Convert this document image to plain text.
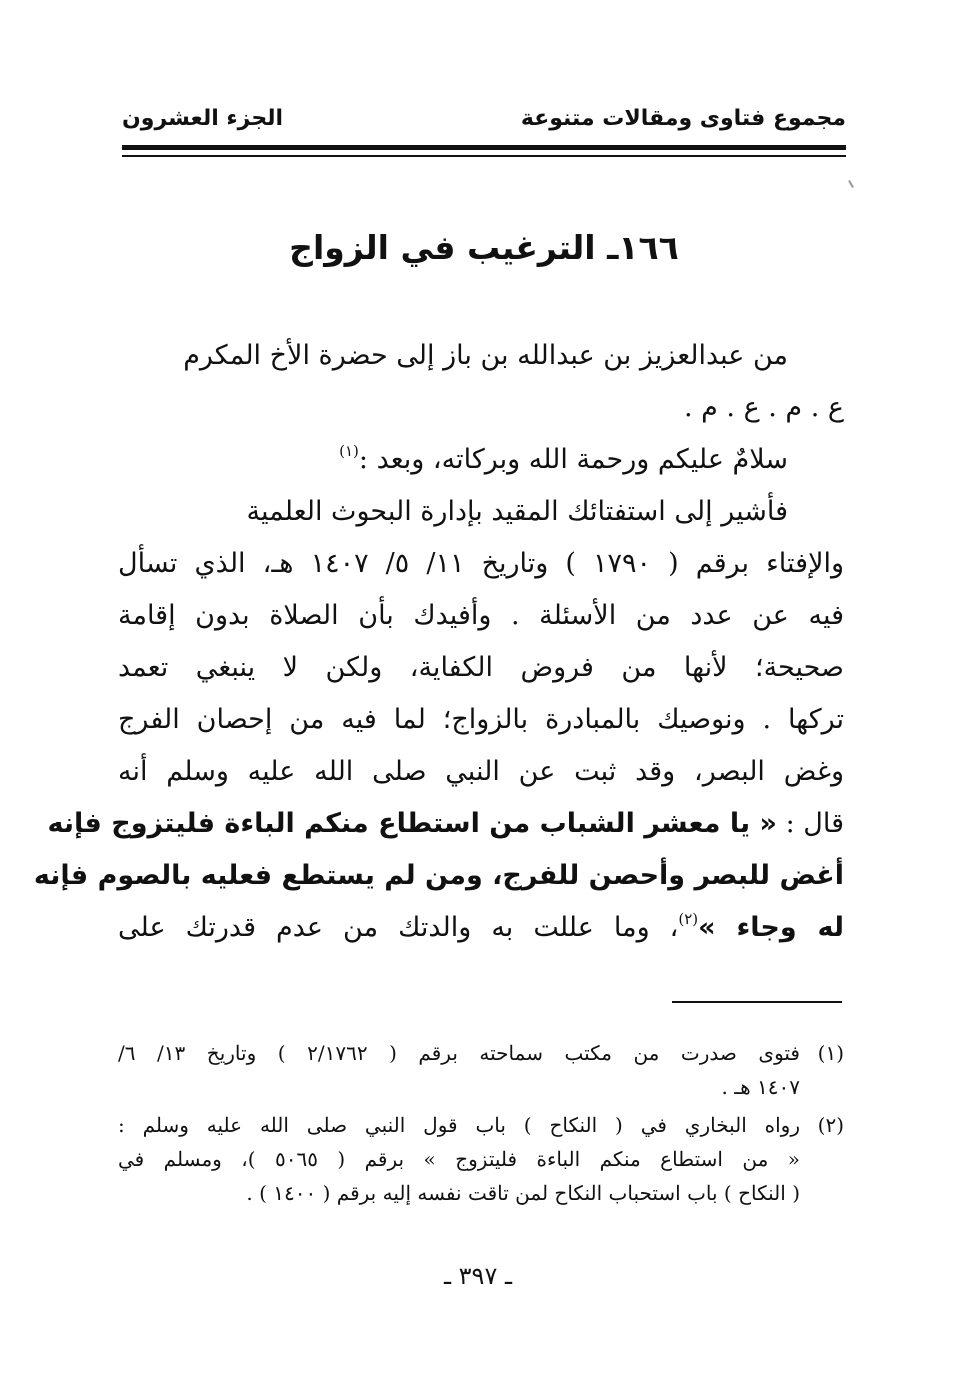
مجموع فتاوى ومقالات متنوعة
الجزء العشرون
١٦٦ـ الترغيب في الزواج
من عبدالعزيز بن عبدالله بن باز إلى حضرة الأخ المكرم
ع . م . ع . م .
سلامٌ عليكم ورحمة الله وبركاته، وبعد :$^{(١)}$
فأشير إلى استفتائك المقيد بإدارة البحوث العلمية
والإفتاء برقم ( ١٧٩٠ ) وتاريخ ١١/ ٥/ ١٤٠٧ هـ، الذي تسأل
فيه عن عدد من الأسئلة . وأفيدك بأن الصلاة بدون إقامة
صحيحة؛ لأنها من فروض الكفاية، ولكن لا ينبغي تعمد
تركها . ونوصيك بالمبادرة بالزواج؛ لما فيه من إحصان الفرج
وغض البصر، وقد ثبت عن النبي صلى الله عليه وسلم أنه
قال : « يا معشر الشباب من استطاع منكم الباءة فليتزوج فإنه
أغض للبصر وأحصن للفرج، ومن لم يستطع فعليه بالصوم فإنه
له وجاء »$^{(٢)}$، وما عللت به والدتك من عدم قدرتك على
(١)
فتوى صدرت من مكتب سماحته برقم ( ٢/١٧٦٢ ) وتاريخ ١٣/ ٦/
١٤٠٧ هـ .
(٢)
رواه البخاري في ( النكاح ) باب قول النبي صلى الله عليه وسلم :
« من استطاع منكم الباءة فليتزوج » برقم ( ٥٠٦٥ )، ومسلم في
( النكاح ) باب استحباب النكاح لمن تاقت نفسه إليه برقم ( ١٤٠٠ ) .
ـ ٣٩٧ ـ
